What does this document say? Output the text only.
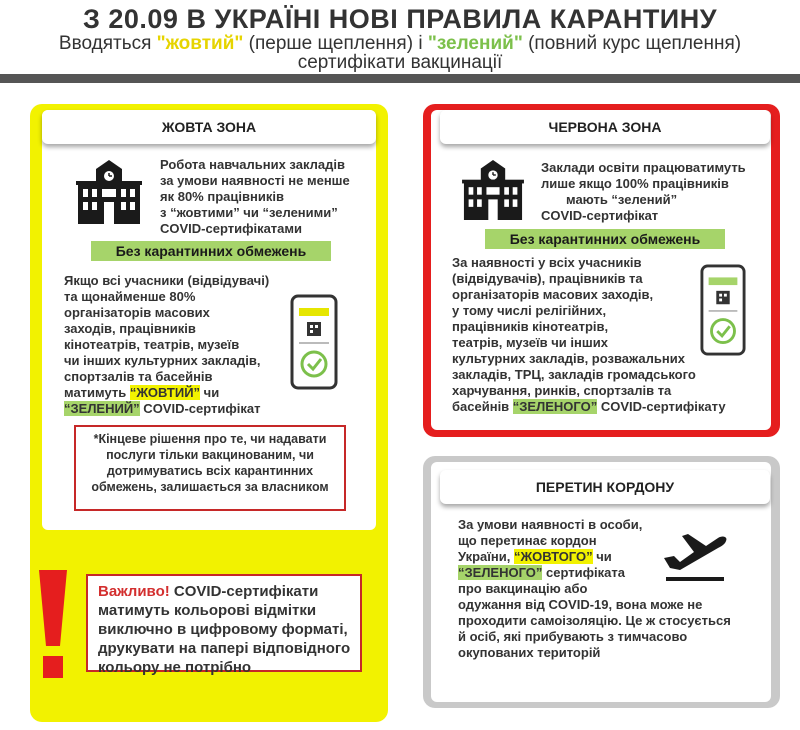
З 20.09 В УКРАЇНІ НОВІ ПРАВИЛА КАРАНТИНУ
Вводяться "жовтий" (перше щеплення) і "зелений" (повний курс щеплення)
сертифікати вакцинації
ЖОВТА ЗОНА
Робота навчальних закладів
за умови наявності не менше
як 80% працівників
з “жовтими” чи “зеленими”
COVID-сертифікатами
Без карантинних обмежень
Якщо всі учасники (відвідувачі)
та щонайменше 80%
організаторів масових
заходів, працівників
кінотеатрів, театрів, музеїв
чи інших культурних закладів,
спортзалів та басейнів
матимуть “ЖОВТИЙ” чи
“ЗЕЛЕНИЙ” COVID-сертифікат
*Кінцеве рішення про те, чи надавати
послуги тільки вакцинованим, чи
дотримуватись всіх карантинних
обмежень, залишається за власником
Важливо! COVID-сертифікати
матимуть кольорові відмітки
виключно в цифровому форматі,
друкувати на папері відповідного
кольору не потрібно
ЧЕРВОНА ЗОНА
Заклади освіти працюватимуть
лише якщо 100% працівників
мають “зелений”
COVID-сертифікат
Без карантинних обмежень
За наявності у всіх учасників
(відвідувачів), працівників та
організаторів масових заходів,
у тому числі релігійних,
працівників кінотеатрів,
театрів, музеїв чи інших
культурних закладів, розважальних
закладів, ТРЦ, закладів громадського
харчування, ринків, спортзалів та
басейнів “ЗЕЛЕНОГО” COVID-сертифікату
ПЕРЕТИН КОРДОНУ
За умови наявності в особи,
що перетинає кордон
України, “ЖОВТОГО” чи
“ЗЕЛЕНОГО” сертифіката
про вакцинацію або
одужання від COVID-19, вона може не
проходити самоізоляцію. Це ж стосується
й осіб, які прибувають з тимчасово
окупованих територій
